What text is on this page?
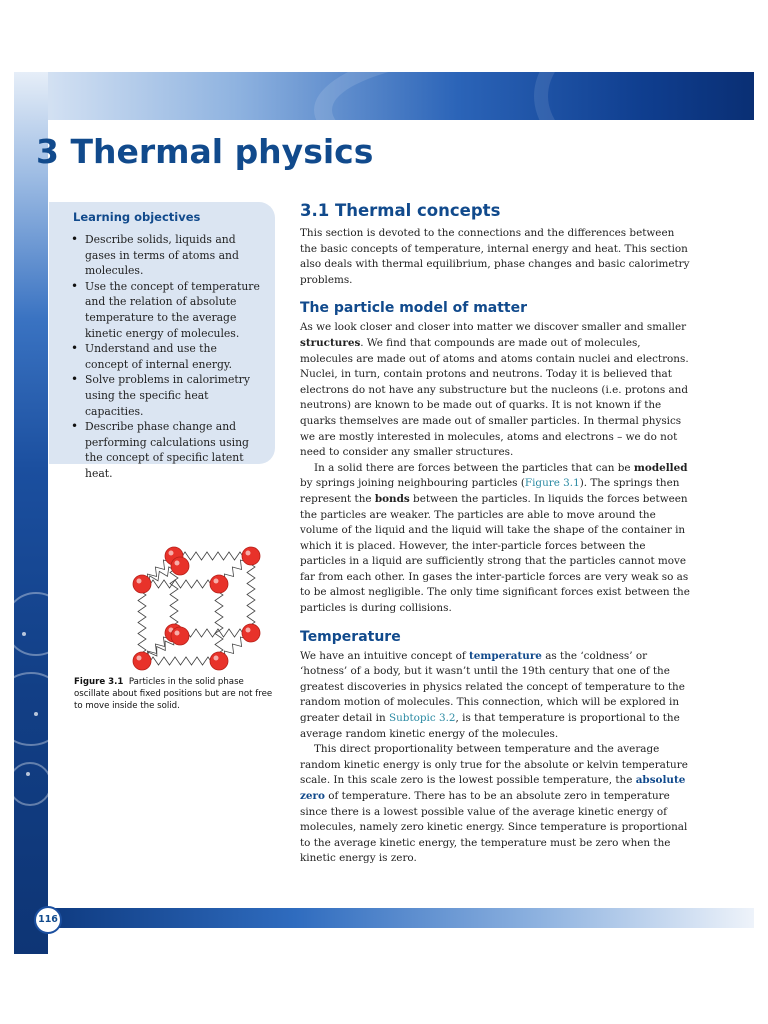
3 Thermal physics
Learning objectives
• Describe solids, liquids and gases in terms of atoms and molecules.
• Use the concept of temperature and the relation of absolute temperature to the average kinetic energy of molecules.
• Understand and use the concept of internal energy.
• Solve problems in calorimetry using the specific heat capacities.
• Describe phase change and performing calculations using the concept of specific latent heat.
Figure 3.1 Particles in the solid phase oscillate about fixed positions but are not free to move inside the solid.
3.1 Thermal concepts

This section is devoted to the connections and the differences between the basic concepts of temperature, internal energy and heat. This section also deals with thermal equilibrium, phase changes and basic calorimetry problems.

The particle model of matter

As we look closer and closer into matter we discover smaller and smaller structures. We find that compounds are made out of molecules, molecules are made out of atoms and atoms contain nuclei and electrons. Nuclei, in turn, contain protons and neutrons. Today it is believed that electrons do not have any substructure but the nucleons (i.e. protons and neutrons) are known to be made out of quarks. It is not known if the quarks themselves are made out of smaller particles. In thermal physics we are mostly interested in molecules, atoms and electrons – we do not need to consider any smaller structures.

In a solid there are forces between the particles that can be modelled by springs joining neighbouring particles (Figure 3.1). The springs then represent the bonds between the particles. In liquids the forces between the particles are weaker. The particles are able to move around the volume of the liquid and the liquid will take the shape of the container in which it is placed. However, the inter-particle forces between the particles in a liquid are sufficiently strong that the particles cannot move far from each other. In gases the inter-particle forces are very weak so as to be almost negligible. The only time significant forces exist between the particles is during collisions.

Temperature

We have an intuitive concept of temperature as the ‘coldness’ or ‘hotness’ of a body, but it wasn’t until the 19th century that one of the greatest discoveries in physics related the concept of temperature to the random motion of molecules. This connection, which will be explored in greater detail in Subtopic 3.2, is that temperature is proportional to the average random kinetic energy of the molecules.

This direct proportionality between temperature and the average random kinetic energy is only true for the absolute or kelvin temperature scale. In this scale zero is the lowest possible temperature, the absolute zero of temperature. There has to be an absolute zero in temperature since there is a lowest possible value of the average kinetic energy of molecules, namely zero kinetic energy. Since temperature is proportional to the average kinetic energy, the temperature must be zero when the kinetic energy is zero.

116
